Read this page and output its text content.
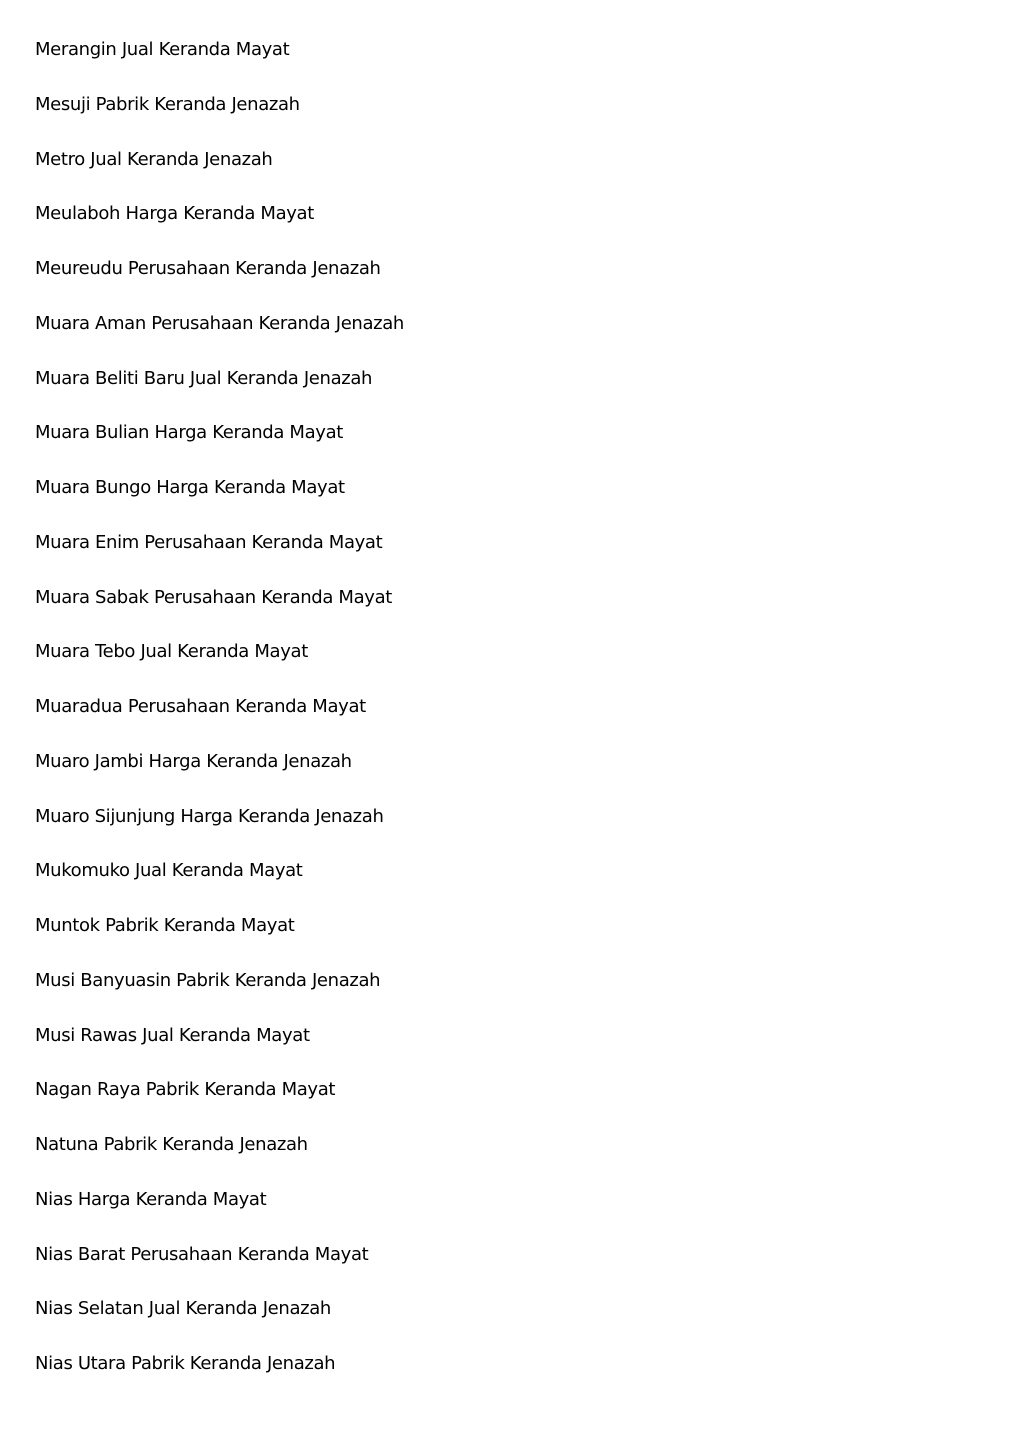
Merangin Jual Keranda Mayat
Mesuji Pabrik Keranda Jenazah
Metro Jual Keranda Jenazah
Meulaboh Harga Keranda Mayat
Meureudu Perusahaan Keranda Jenazah
Muara Aman Perusahaan Keranda Jenazah
Muara Beliti Baru Jual Keranda Jenazah
Muara Bulian Harga Keranda Mayat
Muara Bungo Harga Keranda Mayat
Muara Enim Perusahaan Keranda Mayat
Muara Sabak Perusahaan Keranda Mayat
Muara Tebo Jual Keranda Mayat
Muaradua Perusahaan Keranda Mayat
Muaro Jambi Harga Keranda Jenazah
Muaro Sijunjung Harga Keranda Jenazah
Mukomuko Jual Keranda Mayat
Muntok Pabrik Keranda Mayat
Musi Banyuasin Pabrik Keranda Jenazah
Musi Rawas Jual Keranda Mayat
Nagan Raya Pabrik Keranda Mayat
Natuna Pabrik Keranda Jenazah
Nias Harga Keranda Mayat
Nias Barat Perusahaan Keranda Mayat
Nias Selatan Jual Keranda Jenazah
Nias Utara Pabrik Keranda Jenazah
